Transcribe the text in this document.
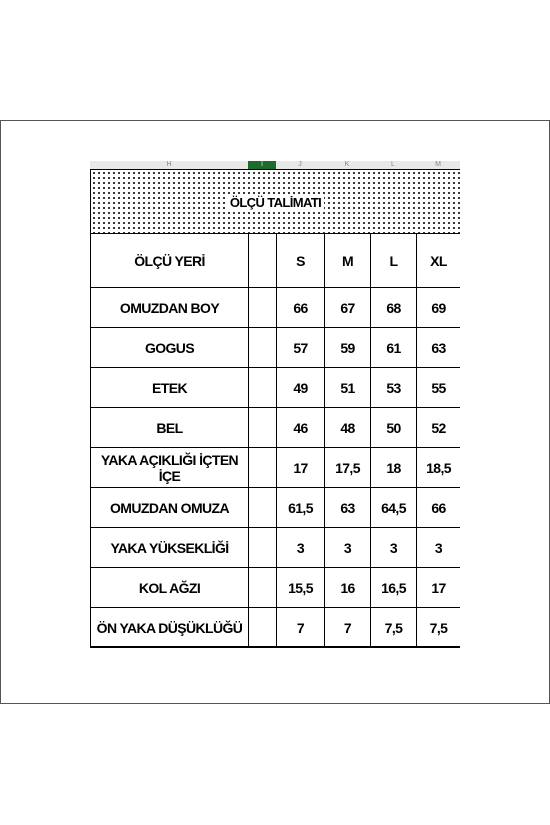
H	I	J	K	L	M
ÖLÇÜ TALİMATI					
ÖLÇÜ YERİ		S	M	L	XL
OMUZDAN BOY		66	67	68	69
GOGUS		57	59	61	63
ETEK		49	51	53	55
BEL		46	48	50	52
YAKA AÇIKLIĞI İÇTEN İÇE		17	17,5	18	18,5
OMUZDAN OMUZA		61,5	63	64,5	66
YAKA YÜKSEKLİĞİ		3	3	3	3
KOL AĞZI		15,5	16	16,5	17
ÖN YAKA DÜŞÜKLÜĞÜ		7	7	7,5	7,5
